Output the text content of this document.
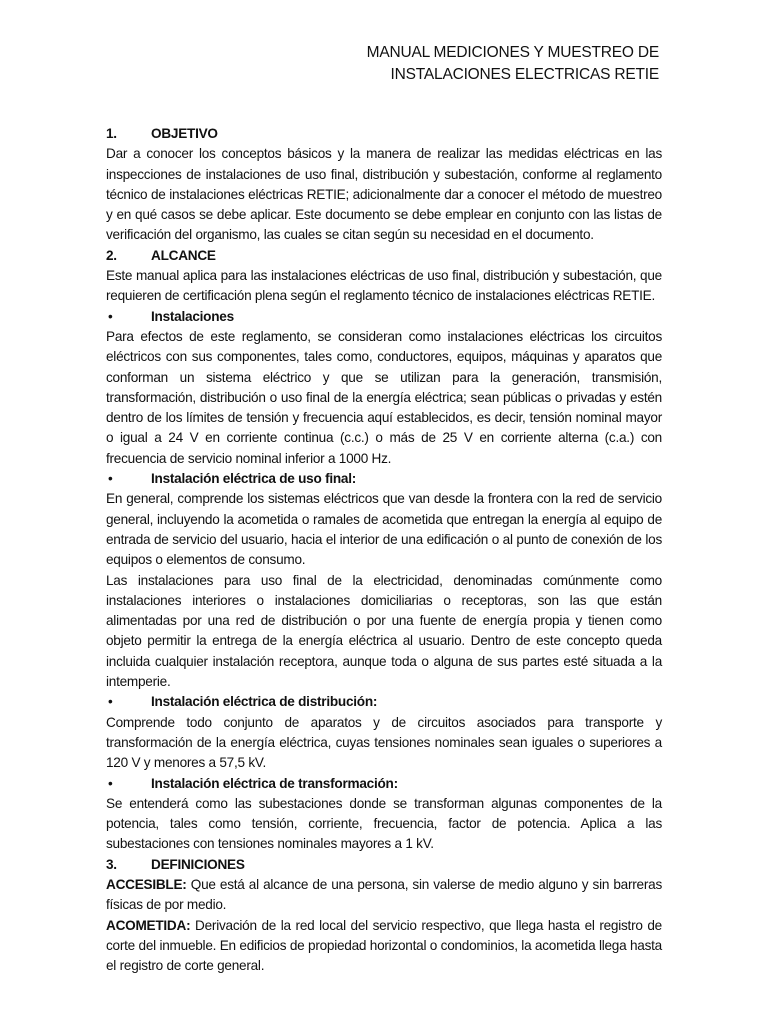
MANUAL MEDICIONES Y MUESTREO DE
INSTALACIONES ELECTRICAS RETIE
1.	OBJETIVO
Dar a conocer los conceptos básicos y la manera de realizar las medidas eléctricas en las inspecciones de instalaciones de uso final, distribución y subestación, conforme al reglamento técnico de instalaciones eléctricas RETIE; adicionalmente dar a conocer el método de muestreo y en qué casos se debe aplicar. Este documento se debe emplear en conjunto con las listas de verificación del organismo, las cuales se citan según su necesidad en el documento.
2.	ALCANCE
Este manual aplica para las instalaciones eléctricas de uso final, distribución y subestación, que requieren de certificación plena según el reglamento técnico de instalaciones eléctricas RETIE.
•	Instalaciones
Para efectos de este reglamento, se consideran como instalaciones eléctricas los circuitos eléctricos con sus componentes, tales como, conductores, equipos, máquinas y aparatos que conforman un sistema eléctrico y que se utilizan para la generación, transmisión, transformación, distribución o uso final de la energía eléctrica; sean públicas o privadas y estén dentro de los límites de tensión y frecuencia aquí establecidos, es decir, tensión nominal mayor o igual a 24 V en corriente continua (c.c.) o más de 25 V en corriente alterna (c.a.) con frecuencia de servicio nominal inferior a 1000 Hz.
•	Instalación eléctrica de uso final:
En general, comprende los sistemas eléctricos que van desde la frontera con la red de servicio general, incluyendo la acometida o ramales de acometida que entregan la energía al equipo de entrada de servicio del usuario, hacia el interior de una edificación o al punto de conexión de los equipos o elementos de consumo.
Las instalaciones para uso final de la electricidad, denominadas comúnmente como instalaciones interiores o instalaciones domiciliarias o receptoras, son las que están alimentadas por una red de distribución o por una fuente de energía propia y tienen como objeto permitir la entrega de la energía eléctrica al usuario. Dentro de este concepto queda incluida cualquier instalación receptora, aunque toda o alguna de sus partes esté situada a la intemperie.
•	Instalación eléctrica de distribución:
Comprende todo conjunto de aparatos y de circuitos asociados para transporte y transformación de la energía eléctrica, cuyas tensiones nominales sean iguales o superiores a 120 V y menores a 57,5 kV.
•	Instalación eléctrica de transformación:
Se entenderá como las subestaciones donde se transforman algunas componentes de la potencia, tales como tensión, corriente, frecuencia, factor de potencia. Aplica a las subestaciones con tensiones nominales mayores a 1 kV.
3.	DEFINICIONES
ACCESIBLE: Que está al alcance de una persona, sin valerse de medio alguno y sin barreras físicas de por medio.
ACOMETIDA: Derivación de la red local del servicio respectivo, que llega hasta el registro de corte del inmueble. En edificios de propiedad horizontal o condominios, la acometida llega hasta el registro de corte general.
